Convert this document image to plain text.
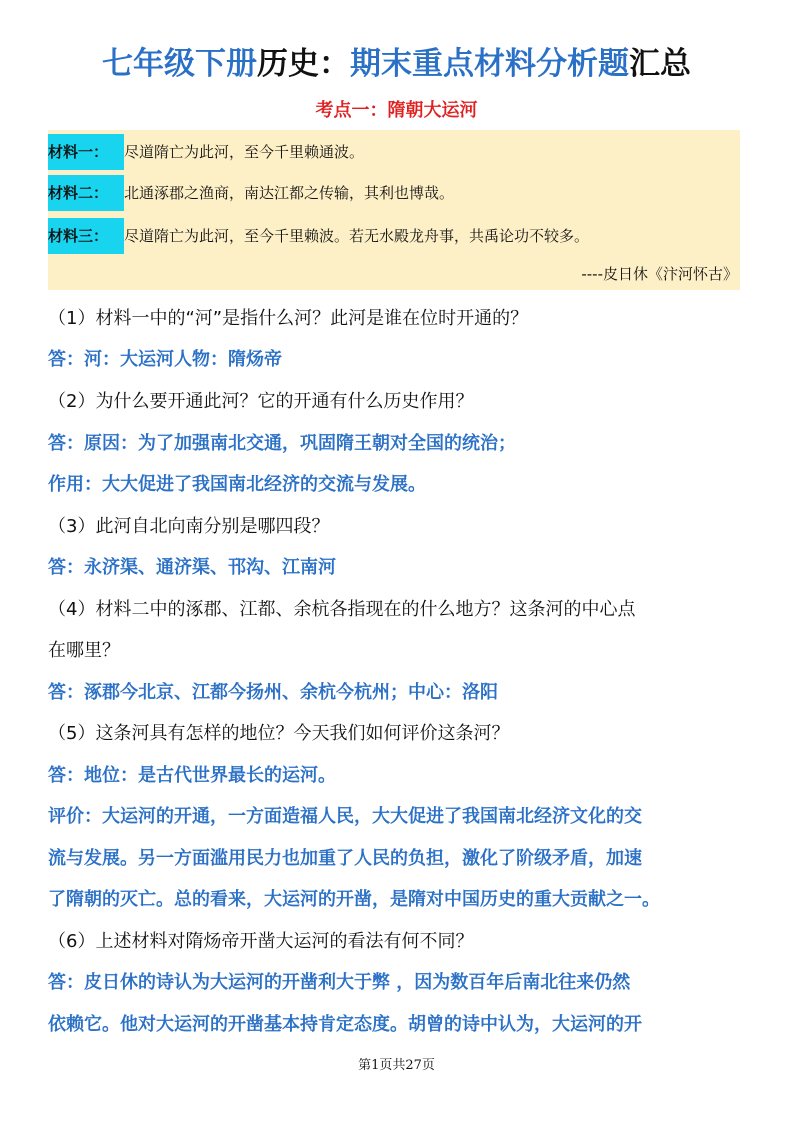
七年级下册历史：期末重点材料分析题汇总
考点一：隋朝大运河
材料一：	尽道隋亡为此河，至今千里赖通波。
材料二：	北通涿郡之渔商，南达江都之传输，其利也博哉。
材料三：	尽道隋亡为此河，至今千里赖波。若无水殿龙舟事，共禹论功不较多。
----皮日休《汴河怀古》
（1）材料一中的“河”是指什么河？此河是谁在位时开通的？
答：河：大运河人物：隋炀帝
（2）为什么要开通此河？它的开通有什么历史作用？
答：原因：为了加强南北交通，巩固隋王朝对全国的统治；
作用：大大促进了我国南北经济的交流与发展。
（3）此河自北向南分别是哪四段？
答：永济渠、通济渠、邗沟、江南河
（4）材料二中的涿郡、江都、余杭各指现在的什么地方？这条河的中心点
在哪里？
答：涿郡今北京、江都今扬州、余杭今杭州；中心：洛阳
（5）这条河具有怎样的地位？今天我们如何评价这条河？
答：地位：是古代世界最长的运河。
评价：大运河的开通，一方面造福人民，大大促进了我国南北经济文化的交
流与发展。另一方面滥用民力也加重了人民的负担，激化了阶级矛盾，加速
了隋朝的灭亡。总的看来，大运河的开凿，是隋对中国历史的重大贡献之一。
（6）上述材料对隋炀帝开凿大运河的看法有何不同？
答：皮日休的诗认为大运河的开凿利大于弊 ，因为数百年后南北往来仍然
依赖它。他对大运河的开凿基本持肯定态度。胡曾的诗中认为，大运河的开
第1页共27页
